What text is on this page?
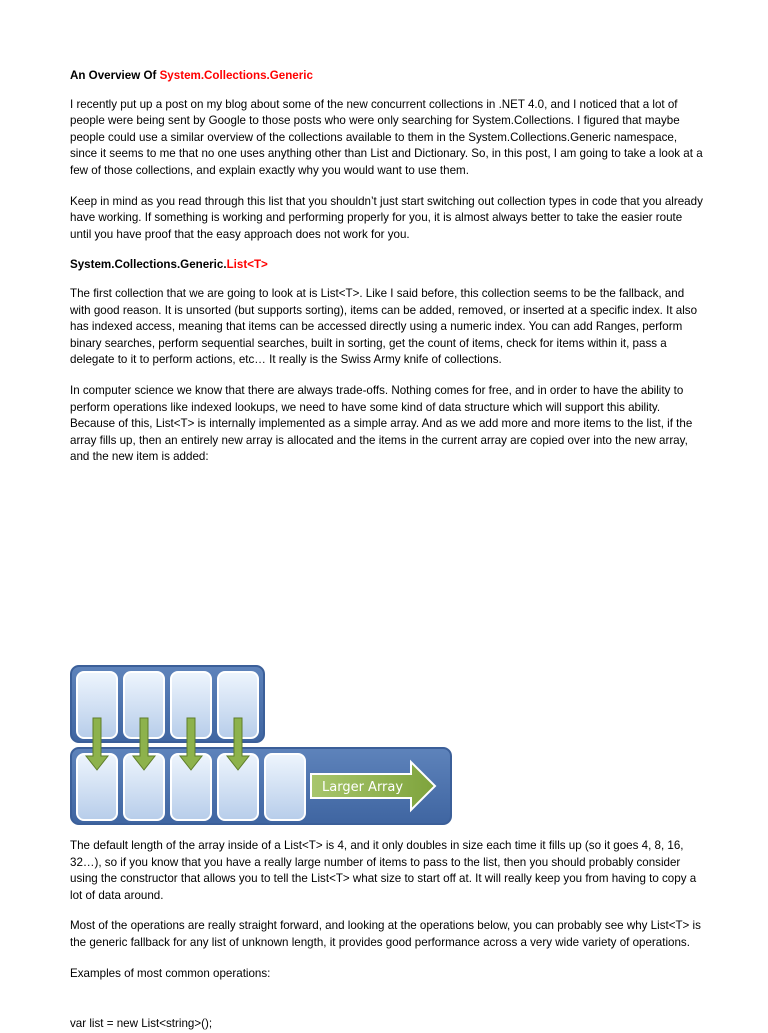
An Overview Of System.Collections.Generic

I recently put up a post on my blog about some of the new concurrent collections in .NET 4.0, and I noticed that a lot of people were being sent by Google to those posts who were only searching for System.Collections. I figured that maybe people could use a similar overview of the collections available to them in the System.Collections.Generic namespace, since it seems to me that no one uses anything other than List and Dictionary. So, in this post, I am going to take a look at a few of those collections, and explain exactly why you would want to use them.

Keep in mind as you read through this list that you shouldn’t just start switching out collection types in code that you already have working. If something is working and performing properly for you, it is almost always better to take the easier route until you have proof that the easy approach does not work for you.

System.Collections.Generic.List<T>

The first collection that we are going to look at is List<T>. Like I said before, this collection seems to be the fallback, and with good reason. It is unsorted (but supports sorting), items can be added, removed, or inserted at a specific index. It also has indexed access, meaning that items can be accessed directly using a numeric index. You can add Ranges, perform binary searches, perform sequential searches, built in sorting, get the count of items, check for items within it, pass a delegate to it to perform actions, etc… It really is the Swiss Army knife of collections.

In computer science we know that there are always trade-offs. Nothing comes for free, and in order to have the ability to perform operations like indexed lookups, we need to have some kind of data structure which will support this ability. Because of this, List<T> is internally implemented as a simple array. And as we add more and more items to the list, if the array fills up, then an entirely new array is allocated and the items in the current array are copied over into the new array, and the new item is added:

Larger Array

The default length of the array inside of a List<T> is 4, and it only doubles in size each time it fills up (so it goes 4, 8, 16, 32…), so if you know that you have a really large number of items to pass to the list, then you should probably consider using the constructor that allows you to tell the List<T> what size to start off at. It will really keep you from having to copy a lot of data around.

Most of the operations are really straight forward, and looking at the operations below, you can probably see why List<T> is the generic fallback for any list of unknown length, it provides good performance across a very wide variety of operations.

Examples of most common operations:

var list = new List<string>();
